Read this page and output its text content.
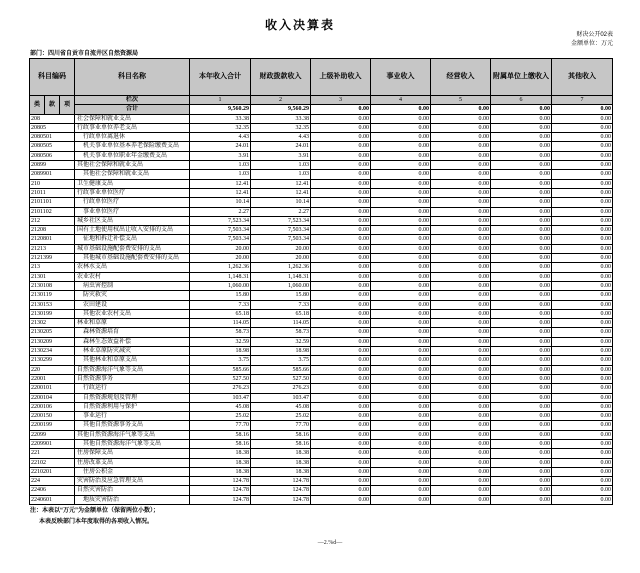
收入决算表
财决公开02表
金额单位：万元
部门：四川省自贡市自流井区自然资源局
科目编码			科目名称	本年收入合计	财政拨款收入	上级补助收入	事业收入	经营收入	附属单位上缴收入	其他收入
类	款	项	栏次	1	2	3	4	5	6	7
			合计	9,560.29	9,560.29	0.00	0.00	0.00	0.00	0.00
208			社会保障和就业支出	33.38	33.38	0.00	0.00	0.00	0.00	0.00
20805			行政事业单位养老支出	32.35	32.35	0.00	0.00	0.00	0.00	0.00
2080501			行政单位离退休	4.43	4.43	0.00	0.00	0.00	0.00	0.00
2080505			机关事业单位基本养老保险缴费支出	24.01	24.01	0.00	0.00	0.00	0.00	0.00
2080506			机关事业单位职业年金缴费支出	3.91	3.91	0.00	0.00	0.00	0.00	0.00
20899			其他社会保障和就业支出	1.03	1.03	0.00	0.00	0.00	0.00	0.00
2089901			其他社会保障和就业支出	1.03	1.03	0.00	0.00	0.00	0.00	0.00
210			卫生健康支出	12.41	12.41	0.00	0.00	0.00	0.00	0.00
21011			行政事业单位医疗	12.41	12.41	0.00	0.00	0.00	0.00	0.00
2101101			行政单位医疗	10.14	10.14	0.00	0.00	0.00	0.00	0.00
2101102			事业单位医疗	2.27	2.27	0.00	0.00	0.00	0.00	0.00
212			城乡社区支出	7,523.34	7,523.34	0.00	0.00	0.00	0.00	0.00
21208			国有土地使用权出让收入安排的支出	7,503.34	7,503.34	0.00	0.00	0.00	0.00	0.00
2120801			征地和拆迁补偿支出	7,503.34	7,503.34	0.00	0.00	0.00	0.00	0.00
21213			城市基础设施配套费安排的支出	20.00	20.00	0.00	0.00	0.00	0.00	0.00
2121399			其他城市基础设施配套费安排的支出	20.00	20.00	0.00	0.00	0.00	0.00	0.00
213			农林水支出	1,262.36	1,262.36	0.00	0.00	0.00	0.00	0.00
21301			农业农村	1,148.31	1,148.31	0.00	0.00	0.00	0.00	0.00
2130108			病虫害控制	1,060.00	1,060.00	0.00	0.00	0.00	0.00	0.00
2130119			防灾救灾	15.80	15.80	0.00	0.00	0.00	0.00	0.00
2130153			农田建设	7.33	7.33	0.00	0.00	0.00	0.00	0.00
2130199			其他农业农村支出	65.18	65.18	0.00	0.00	0.00	0.00	0.00
21302			林业和草原	114.05	114.05	0.00	0.00	0.00	0.00	0.00
2130205			森林资源培育	58.73	58.73	0.00	0.00	0.00	0.00	0.00
2130209			森林生态效益补偿	32.59	32.59	0.00	0.00	0.00	0.00	0.00
2130234			林业草原防灾减灾	18.98	18.98	0.00	0.00	0.00	0.00	0.00
2130299			其他林业和草原支出	3.75	3.75	0.00	0.00	0.00	0.00	0.00
220			自然资源海洋气象等支出	585.66	585.66	0.00	0.00	0.00	0.00	0.00
22001			自然资源事务	527.50	527.50	0.00	0.00	0.00	0.00	0.00
2200101			行政运行	276.23	276.23	0.00	0.00	0.00	0.00	0.00
2200104			自然资源规划及管理	103.47	103.47	0.00	0.00	0.00	0.00	0.00
2200106			自然资源利用与保护	45.08	45.08	0.00	0.00	0.00	0.00	0.00
2200150			事业运行	25.02	25.02	0.00	0.00	0.00	0.00	0.00
2200199			其他自然资源事务支出	77.70	77.70	0.00	0.00	0.00	0.00	0.00
22099			其他自然资源海洋气象等支出	58.16	58.16	0.00	0.00	0.00	0.00	0.00
2209901			其他自然资源海洋气象等支出	58.16	58.16	0.00	0.00	0.00	0.00	0.00
221			住房保障支出	18.38	18.38	0.00	0.00	0.00	0.00	0.00
22102			住房改革支出	18.38	18.38	0.00	0.00	0.00	0.00	0.00
2210201			住房公积金	18.38	18.38	0.00	0.00	0.00	0.00	0.00
224			灾害防治及应急管理支出	124.78	124.78	0.00	0.00	0.00	0.00	0.00
22406			自然灾害防治	124.78	124.78	0.00	0.00	0.00	0.00	0.00
2240601			地质灾害防治	124.78	124.78	0.00	0.00	0.00	0.00	0.00
注：本表以“万元”为金额单位（保留两位小数）；
本表反映部门本年度取得的各项收入情况。
—2.%d—
